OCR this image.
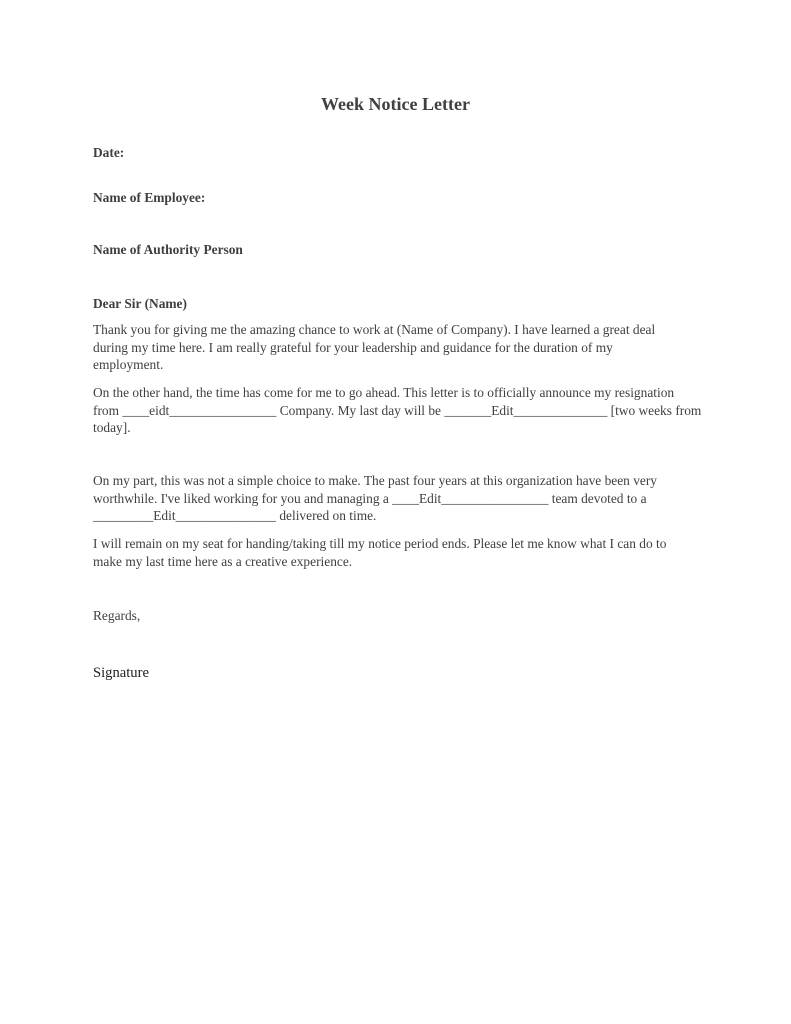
Week Notice Letter
Date:
Name of Employee:
Name of Authority Person
Dear Sir (Name)
Thank you for giving me the amazing chance to work at (Name of Company). I have learned a great deal
during my time here. I am really grateful for your leadership and guidance for the duration of my
employment.
On the other hand, the time has come for me to go ahead. This letter is to officially announce my resignation
from ____eidt________________ Company. My last day will be _______Edit______________ [two weeks from
today].
On my part, this was not a simple choice to make. The past four years at this organization have been very
worthwhile. I've liked working for you and managing a ____Edit________________ team devoted to a
_________Edit_______________ delivered on time.
I will remain on my seat for handing/taking till my notice period ends. Please let me know what I can do to
make my last time here as a creative experience.
Regards,
Signature
